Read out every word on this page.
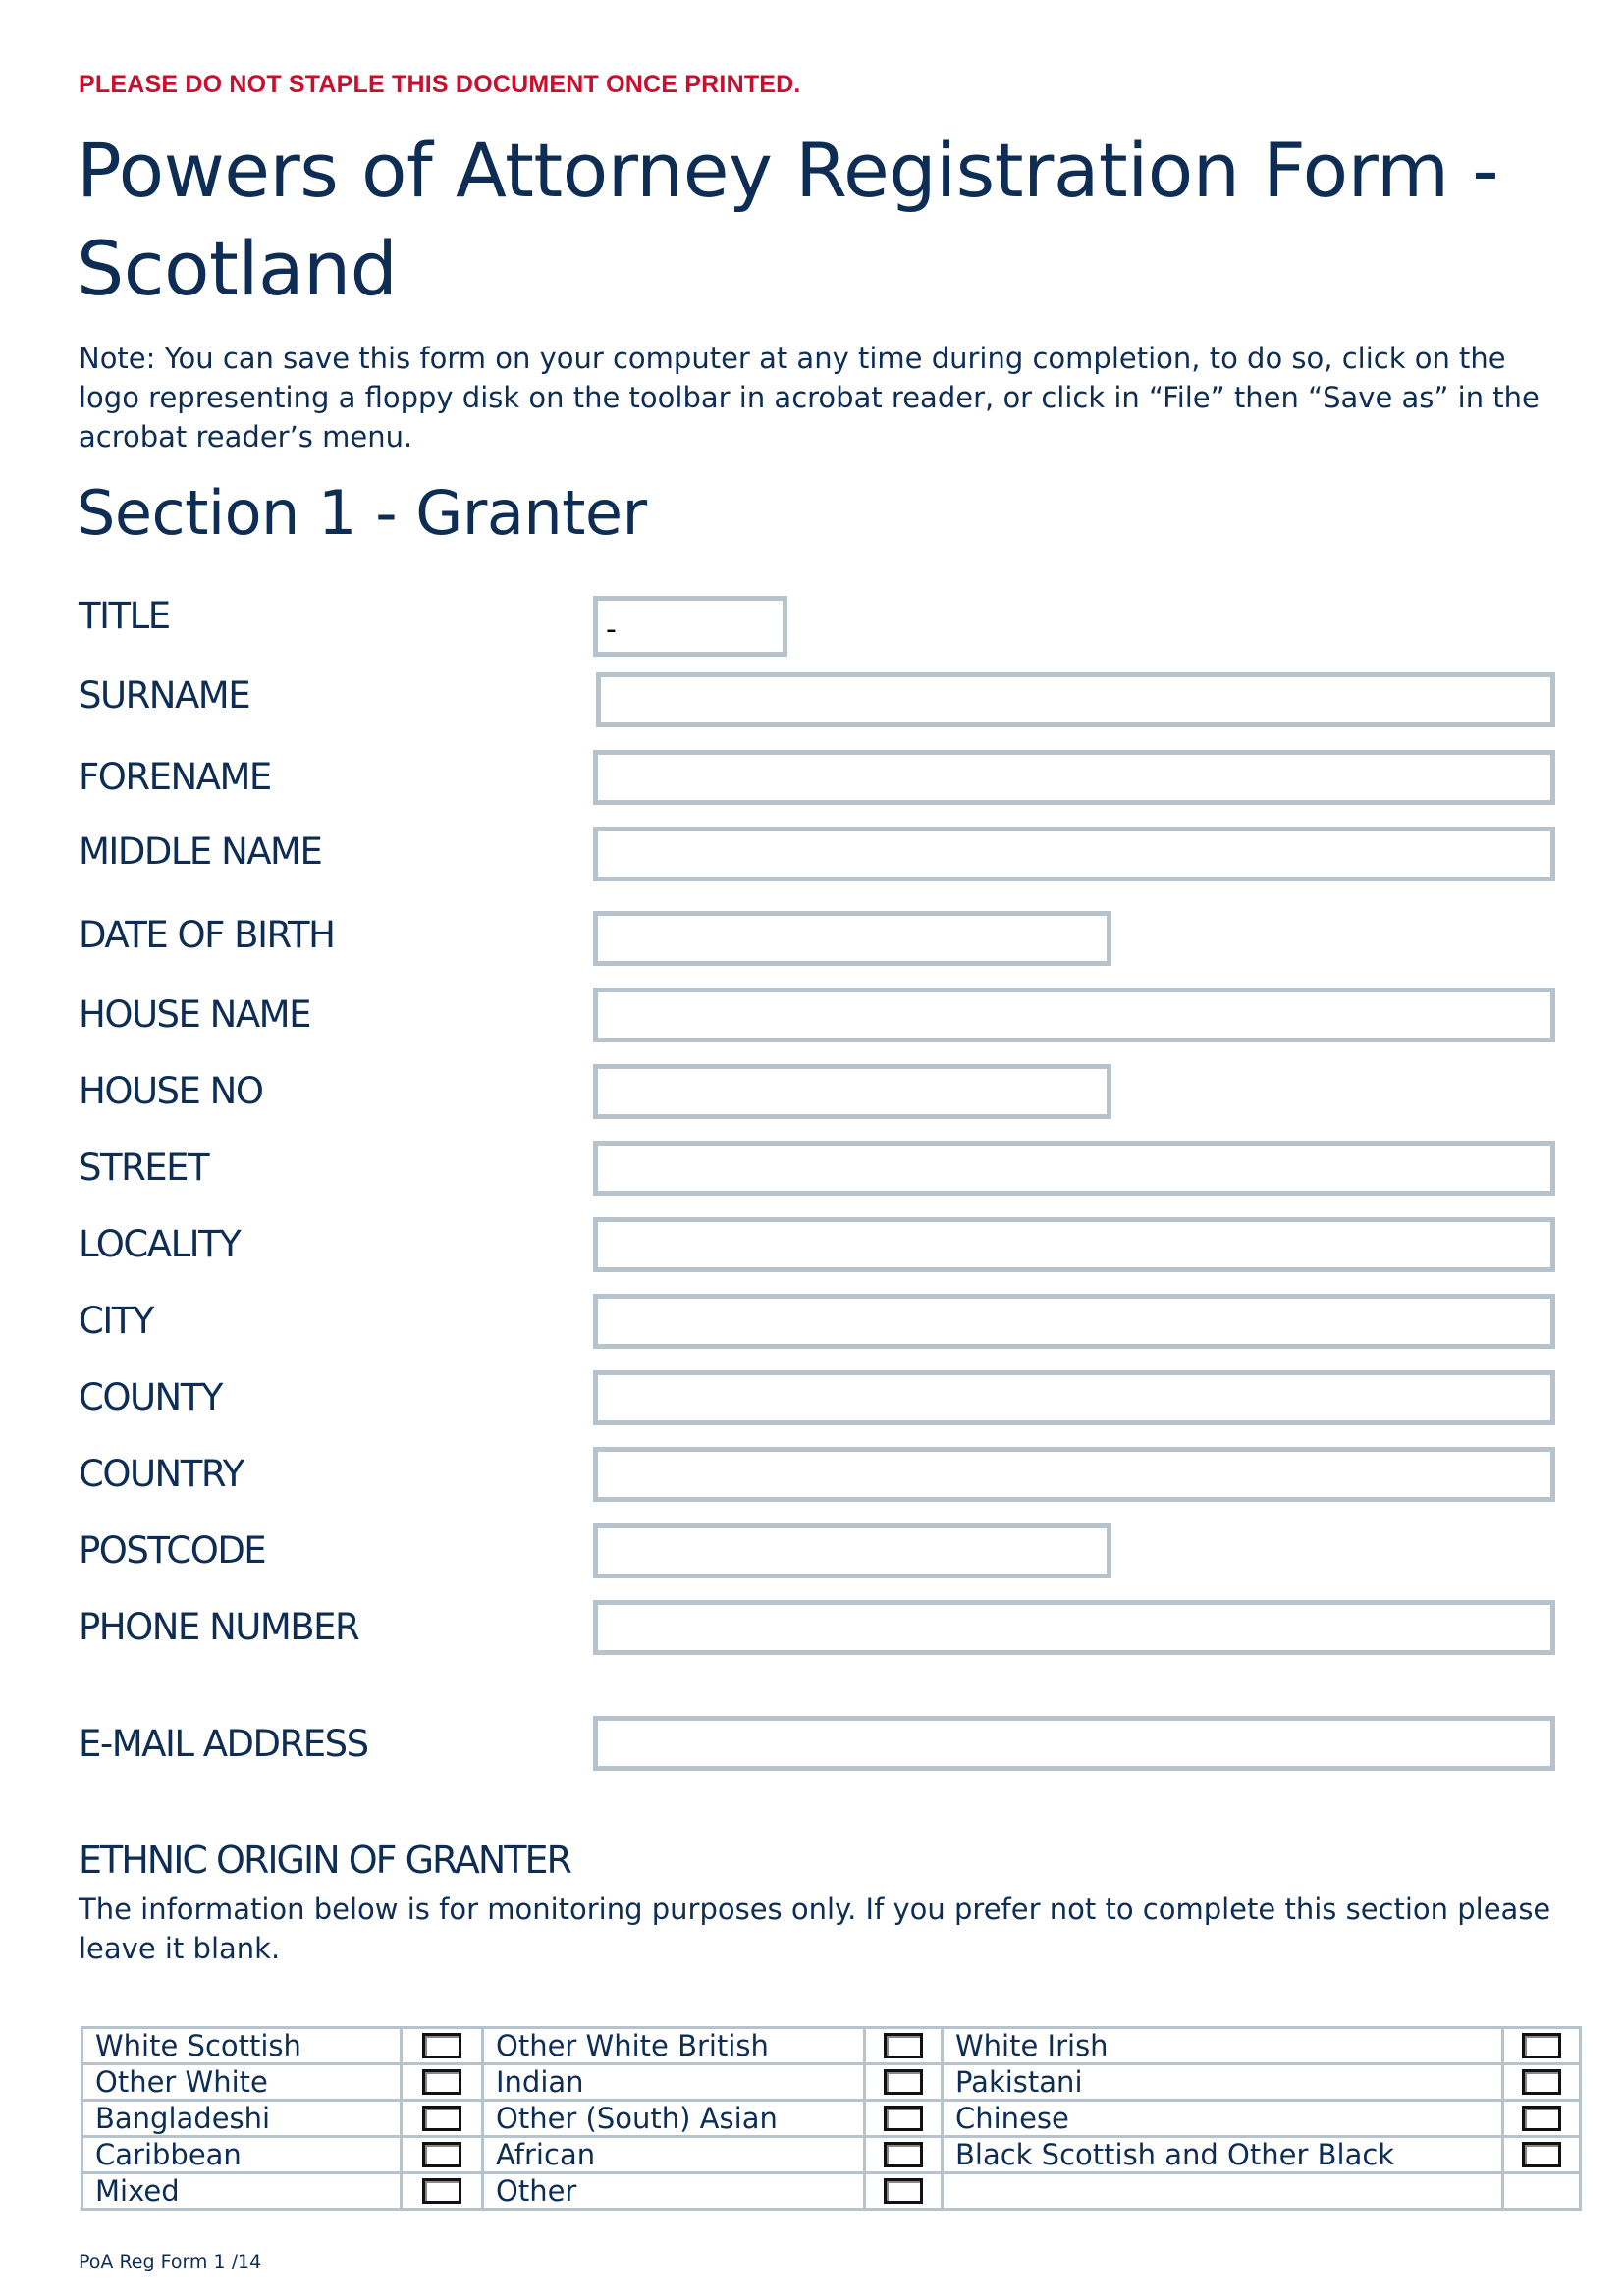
PLEASE DO NOT STAPLE THIS DOCUMENT ONCE PRINTED.
Powers of Attorney Registration Form - Scotland
Note: You can save this form on your computer at any time during completion, to do so, click on the logo representing a floppy disk on the toolbar in acrobat reader, or click in “File” then “Save as” in the acrobat reader’s menu.
Section 1 - Granter
TITLE	-
SURNAME
FORENAME
MIDDLE NAME
DATE OF BIRTH
HOUSE NAME
HOUSE NO
STREET
LOCALITY
CITY
COUNTY
COUNTRY
POSTCODE
PHONE NUMBER
E-MAIL ADDRESS
ETHNIC ORIGIN OF GRANTER
The information below is for monitoring purposes only. If you prefer not to complete this section please leave it blank.
White Scottish		Other White British		White Irish	

Other White		Indian		Pakistani	

Bangladeshi		Other (South) Asian		Chinese	

Caribbean		African		Black Scottish and Other Black	

Mixed		Other	

PoA Reg Form 1 /14
